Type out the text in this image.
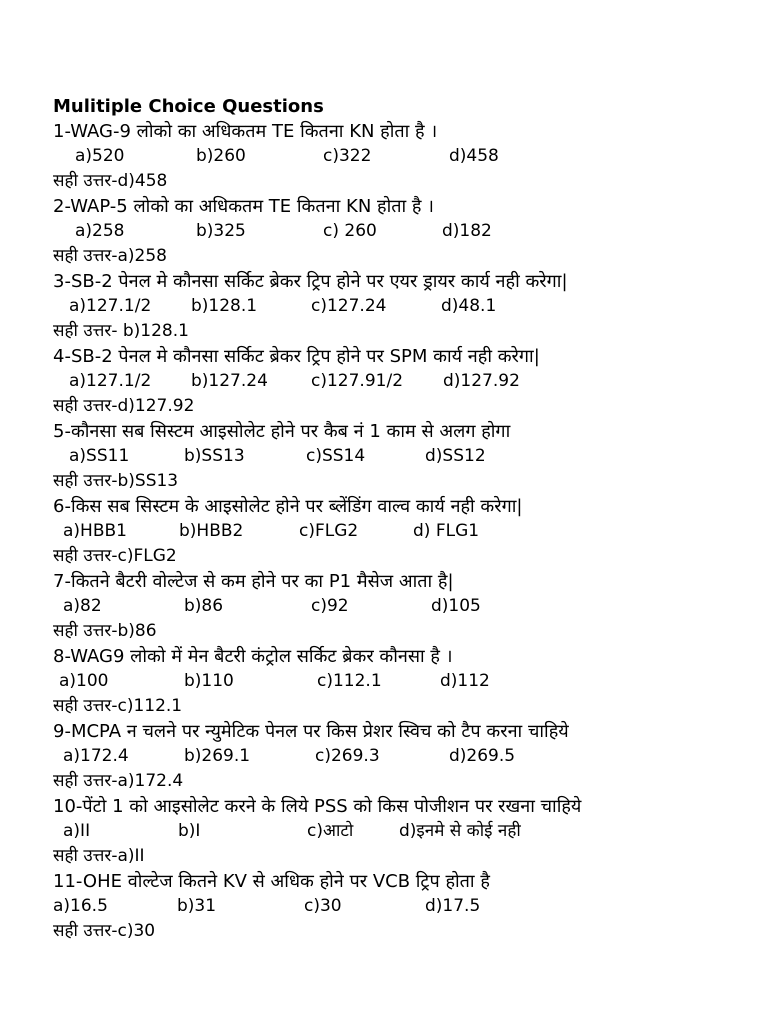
Mulitiple Choice Questions
1-WAG-9 लोको का अधिकतम TE कितना KN होता है ।
a)520	b)260	c)322	d)458
सही उत्तर-d)458
2-WAP-5 लोको का अधिकतम TE कितना KN होता है ।
a)258	b)325	c) 260	d)182
सही उत्तर-a)258
3-SB-2 पेनल मे कौनसा सर्किट ब्रेकर ट्रिप होने पर एयर ड्रायर कार्य नही करेगा|
a)127.1/2 b)128.1	c)127.24	d)48.1
सही उत्तर- b)128.1
4-SB-2 पेनल मे कौनसा सर्किट ब्रेकर ट्रिप होने पर SPM कार्य नही करेगा|
a)127.1/2 b)127.24	c)127.91/2 d)127.92
सही उत्तर-d)127.92
5-कौनसा सब सिस्टम आइसोलेट होने पर कैब नं 1 काम से अलग होगा
a)SS11	b)SS13	c)SS14	d)SS12
सही उत्तर-b)SS13
6-किस सब सिस्टम के आइसोलेट होने पर ब्लेंडिंग वाल्व कार्य नही करेगा|
a)HBB1	b)HBB2	c)FLG2	d) FLG1
सही उत्तर-c)FLG2
7-कितने बैटरी वोल्टेज से कम होने पर का P1 मैसेज आता है|
a)82	b)86	c)92	d)105
सही उत्तर-b)86
8-WAG9 लोको में मेन बैटरी कंट्रोल सर्किट ब्रेकर कौनसा है ।
a)100	b)110	c)112.1	d)112
सही उत्तर-c)112.1
9-MCPA न चलने पर न्युमेटिक पेनल पर किस प्रेशर स्विच को टैप करना चाहिये
a)172.4	b)269.1	c)269.3	d)269.5
सही उत्तर-a)172.4
10-पेंटो 1 को आइसोलेट करने के लिये PSS को किस पोजीशन पर रखना चाहिये
a)II	b)I	c)आटो	d)इनमे से कोई नही
सही उत्तर-a)II
11-OHE वोल्टेज कितने KV से अधिक होने पर VCB ट्रिप होता है
a)16.5	b)31	c)30	d)17.5
सही उत्तर-c)30
